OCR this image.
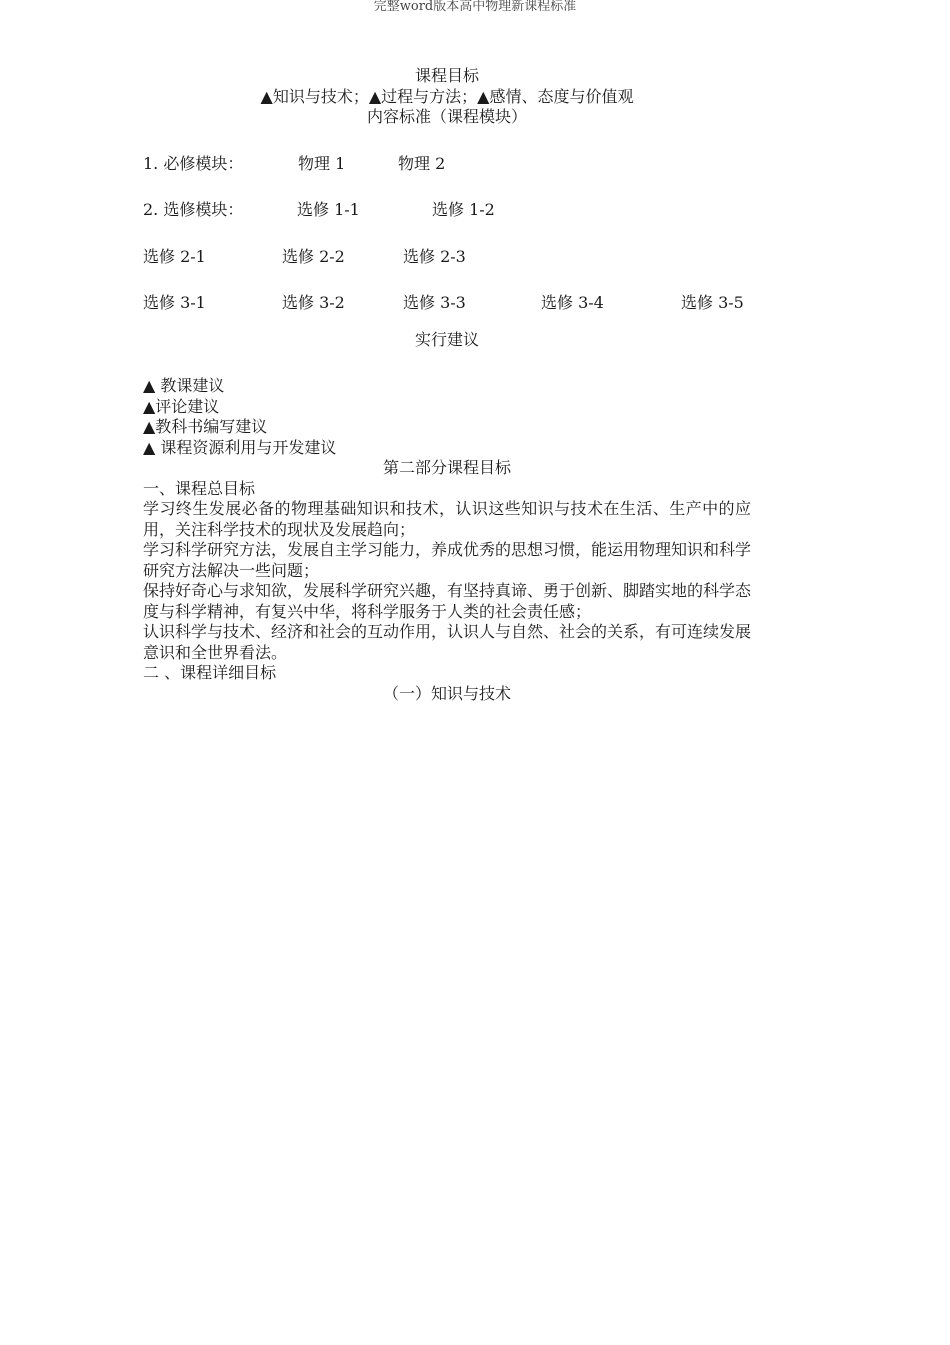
完整word版本高中物理新课程标准
课程目标
▲知识与技术；▲过程与方法；▲感情、态度与价值观
内容标准（课程模块）
1. 必修模块：	物理 1	物理 2
2. 选修模块：	选修 1-1	选修 1-2
选修 2-1	选修 2-2	选修 2-3
选修 3-1	选修 3-2	选修 3-3	选修 3-4	选修 3-5
实行建议
▲ 教课建议
▲评论建议
▲教科书编写建议
▲ 课程资源利用与开发建议
第二部分课程目标
一、课程总目标

学习终生发展必备的物理基础知识和技术，认识这些知识与技术在生活、生产中的应用，关注科学技术的现状及发展趋向；

学习科学研究方法，发展自主学习能力，养成优秀的思想习惯，能运用物理知识和科学研究方法解决一些问题；

保持好奇心与求知欲，发展科学研究兴趣，有坚持真谛、勇于创新、脚踏实地的科学态度与科学精神，有复兴中华，将科学服务于人类的社会责任感；

认识科学与技术、经济和社会的互动作用，认识人与自然、社会的关系，有可连续发展意识和全世界看法。

二 、课程详细目标
（一）知识与技术
